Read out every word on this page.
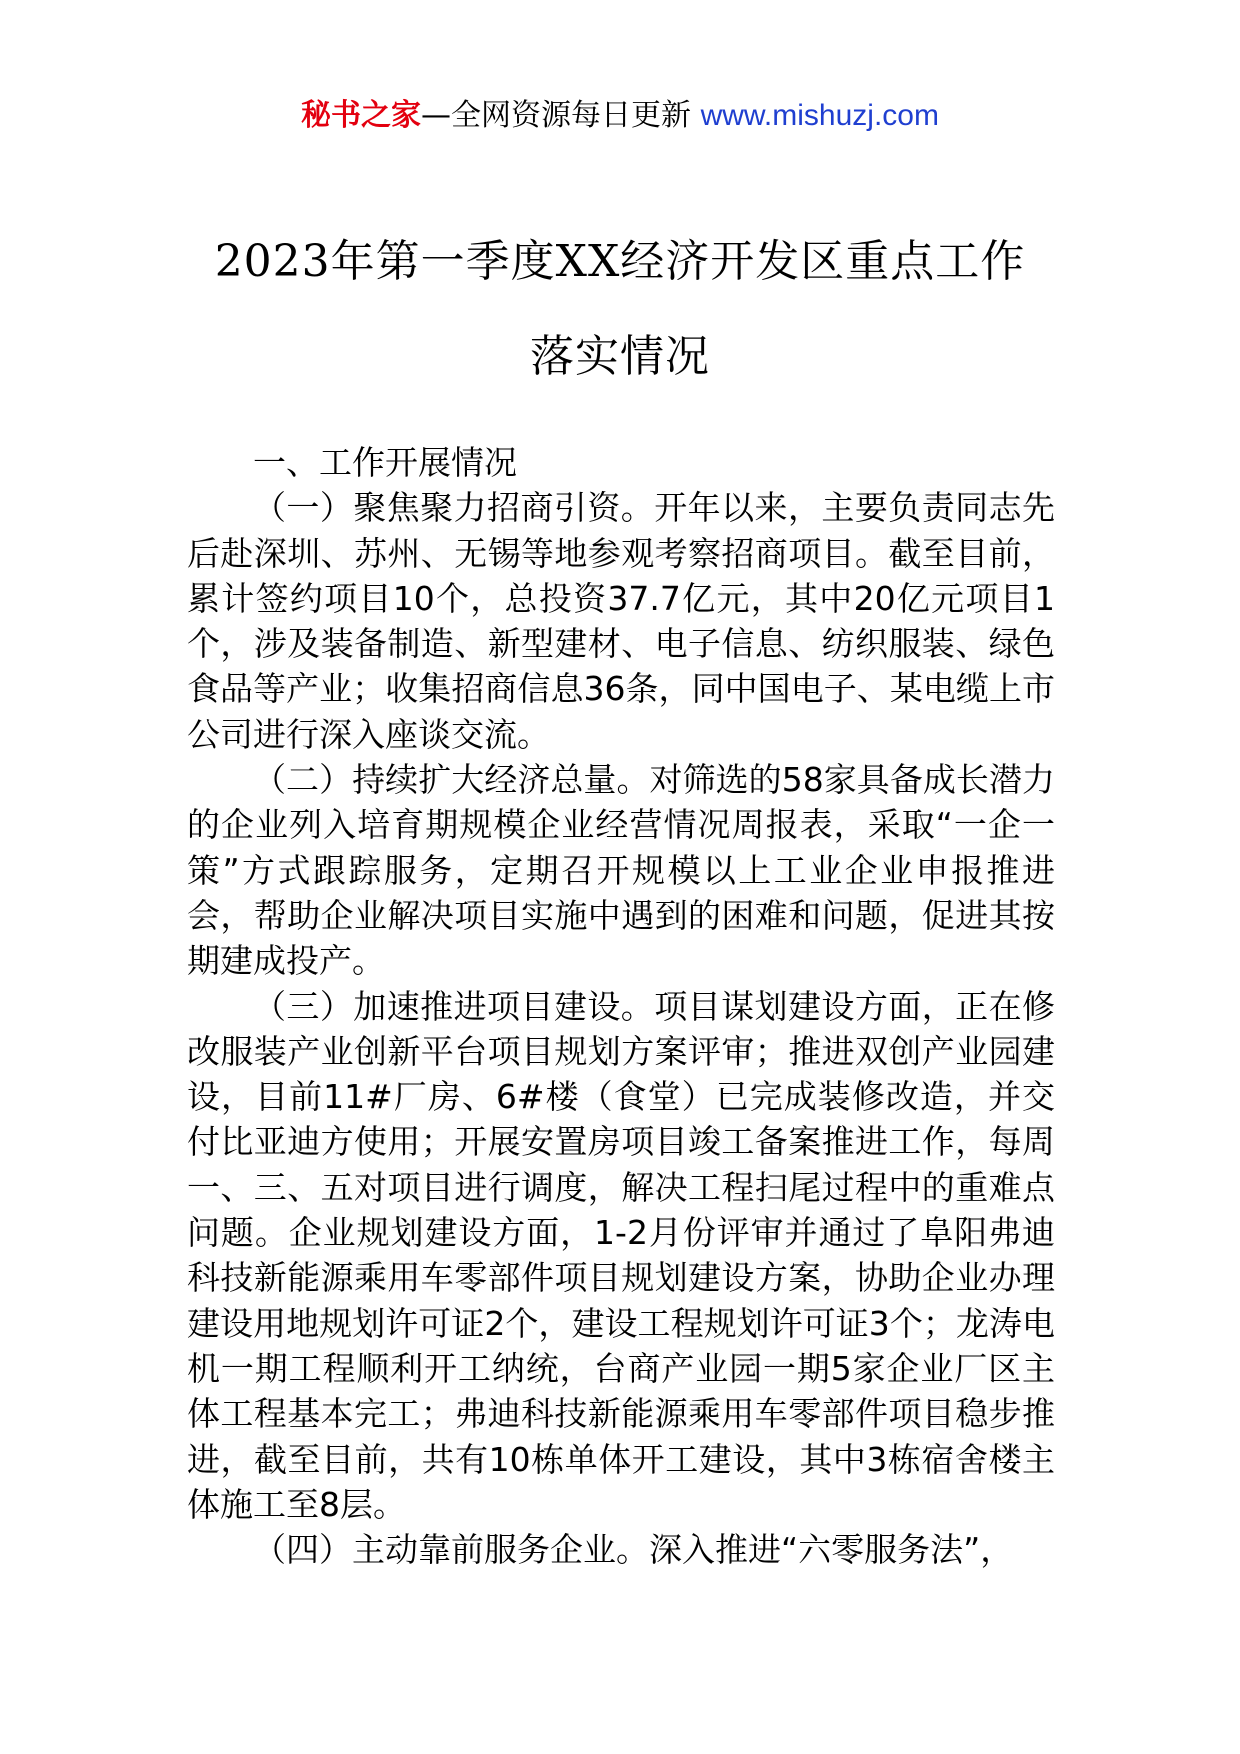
秘书之家—全网资源每日更新 www.mishuzj.com
2023年第一季度XX经济开发区重点工作
落实情况

一、工作开展情况

（一）聚焦聚力招商引资。开年以来，主要负责同志先后赴深圳、苏州、无锡等地参观考察招商项目。截至目前，累计签约项目10个，总投资37.7亿元，其中20亿元项目1个，涉及装备制造、新型建材、电子信息、纺织服装、绿色食品等产业；收集招商信息36条，同中国电子、某电缆上市公司进行深入座谈交流。

（二）持续扩大经济总量。对筛选的58家具备成长潜力的企业列入培育期规模企业经营情况周报表，采取“一企一策”方式跟踪服务，定期召开规模以上工业企业申报推进会，帮助企业解决项目实施中遇到的困难和问题，促进其按期建成投产。

（三）加速推进项目建设。项目谋划建设方面，正在修改服装产业创新平台项目规划方案评审；推进双创产业园建设，目前11#厂房、6#楼（食堂）已完成装修改造，并交付比亚迪方使用；开展安置房项目竣工备案推进工作，每周一、三、五对项目进行调度，解决工程扫尾过程中的重难点问题。企业规划建设方面，1-2月份评审并通过了阜阳弗迪科技新能源乘用车零部件项目规划建设方案，协助企业办理建设用地规划许可证2个，建设工程规划许可证3个；龙涛电机一期工程顺利开工纳统，台商产业园一期5家企业厂区主体工程基本完工；弗迪科技新能源乘用车零部件项目稳步推进，截至目前，共有10栋单体开工建设，其中3栋宿舍楼主体施工至8层。

（四）主动靠前服务企业。深入推进“六零服务法”，
